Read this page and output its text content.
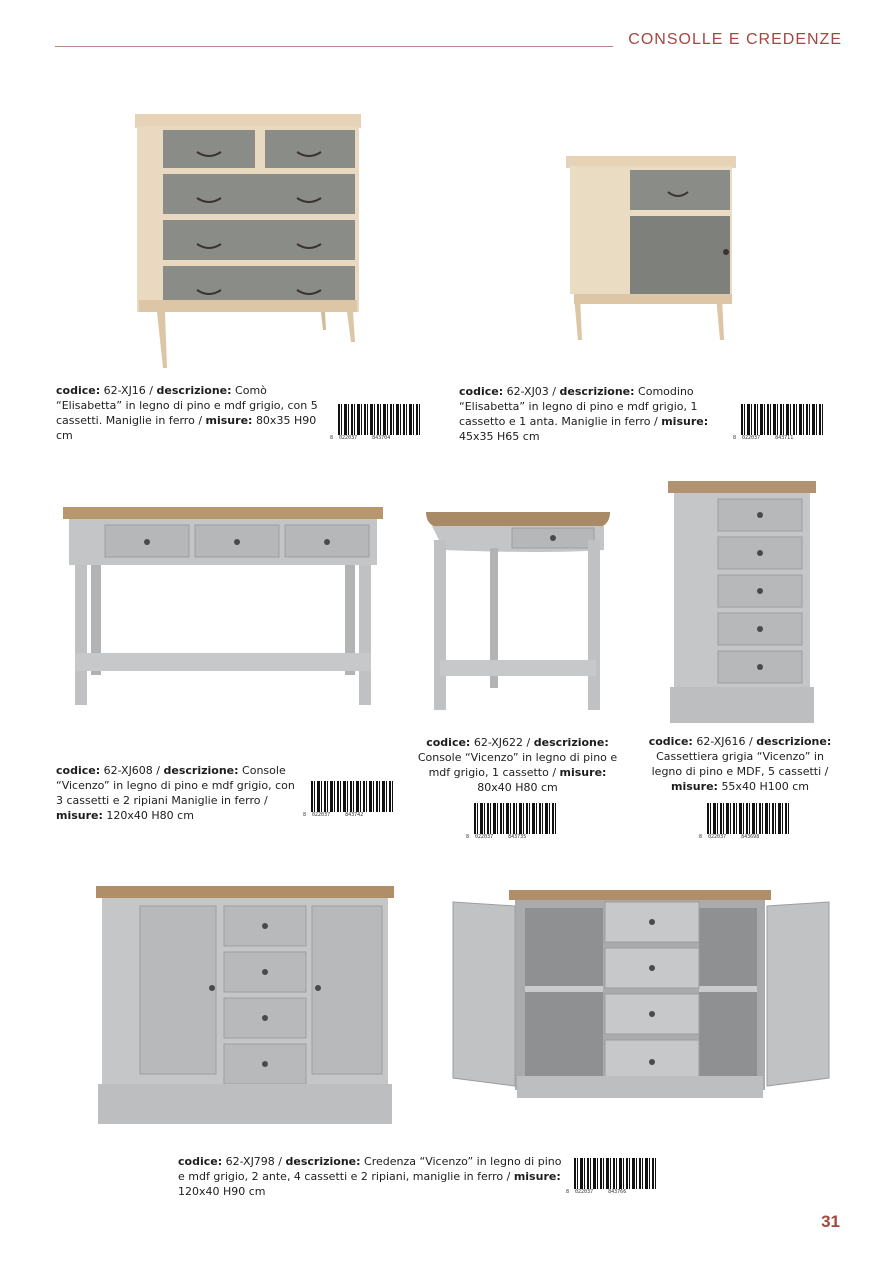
CONSOLLE E CREDENZE
codice: 62-XJ16 / descrizione: Comò “Elisabetta” in legno di pino e mdf grigio, con 5 cassetti. Maniglie in ferro / misure: 80x35 H90 cm	8  022037     843704
codice: 62-XJ03 / descrizione: Comodino “Elisabetta” in legno di pino e mdf grigio, 1 cassetto e 1 anta. Maniglie in ferro / misure: 45x35 H65 cm	8  022037     843711
codice: 62-XJ608 / descrizione: Console “Vicenzo” in legno di pino e mdf grigio, con 3 cassetti e 2 ripiani Maniglie in ferro / misure: 120x40 H80 cm	8  022037     843742
codice: 62-XJ622 / descrizione: Console “Vicenzo” in legno di pino e mdf grigio, 1 cassetto / misure: 80x40 H80 cm
8  022037     843735
codice: 62-XJ616 / descrizione: Cassettiera grigia “Vicenzo” in legno di pino e MDF, 5 cassetti / misure: 55x40 H100 cm
8  022037     843698
codice: 62-XJ798 / descrizione: Credenza “Vicenzo” in legno di pino e mdf grigio, 2 ante, 4 cassetti e 2 ripiani, maniglie in ferro / misure: 120x40 H90 cm	8  022037     843766
31
